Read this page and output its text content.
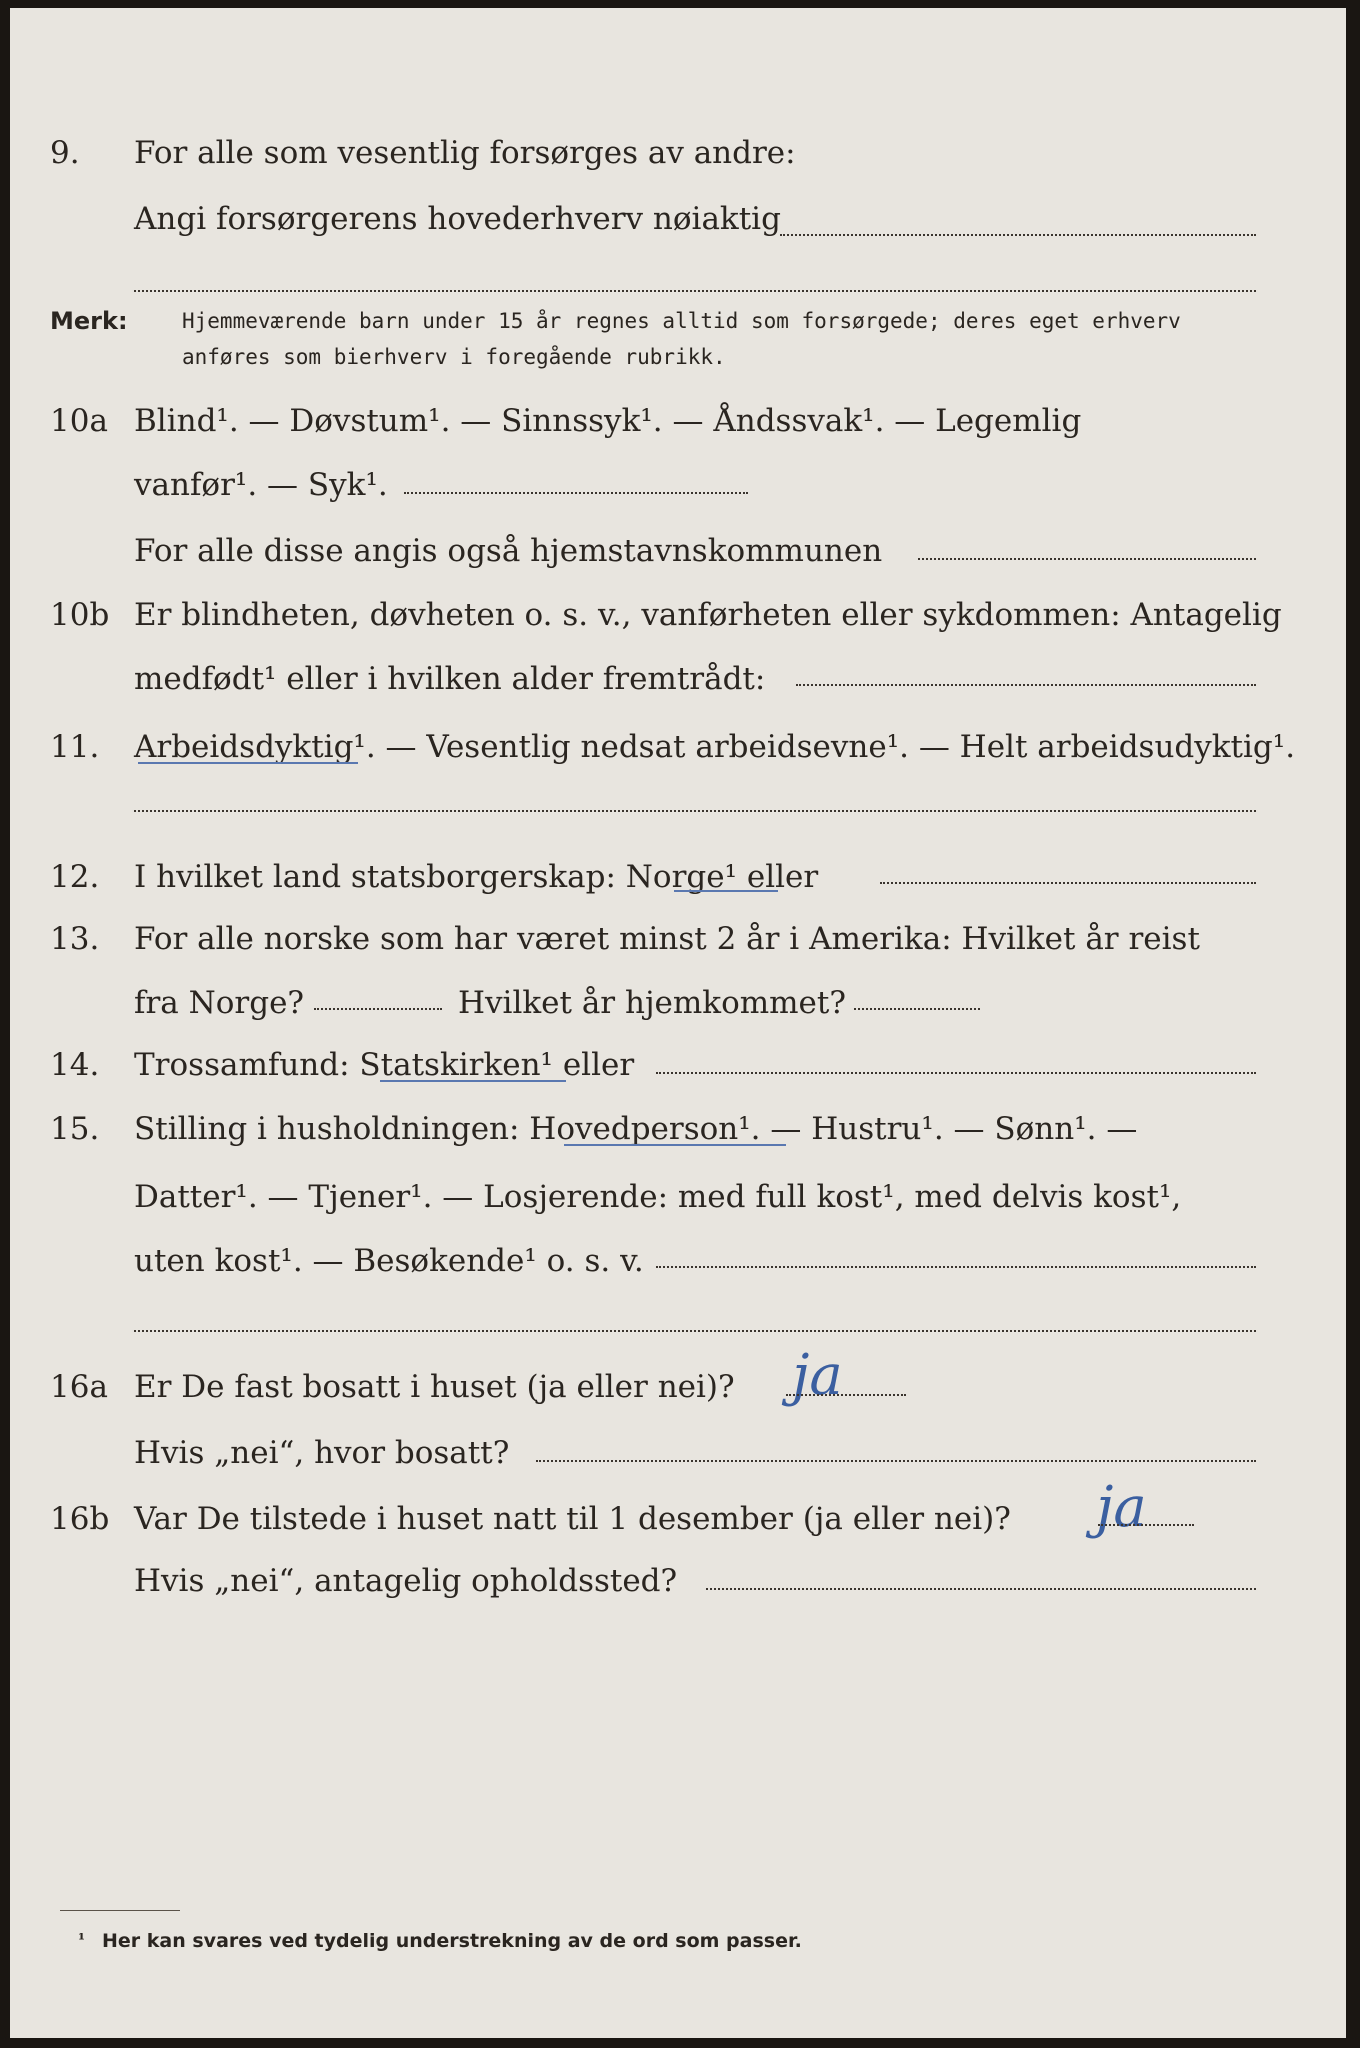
9.	For alle som vesentlig forsørges av andre:
Angi forsørgerens hovederhverv nøiaktig
Merk:	Hjemmeværende barn under 15 år regnes alltid som forsørgede; deres eget erhverv
anføres som bierhverv i foregående rubrikk.
10a Blind¹. — Døvstum¹. — Sinnssyk¹. — Åndssvak¹. — Legemlig
vanfør¹. — Syk¹.
For alle disse angis også hjemstavnskommunen
10b Er blindheten, døvheten o. s. v., vanførheten eller sykdommen: Antagelig
medfødt¹ eller i hvilken alder fremtrådt:
11.	Arbeidsdyktig¹. — Vesentlig nedsat arbeidsevne¹. — Helt arbeidsudyktig¹.
12.	I hvilket land statsborgerskap: Norge¹ eller
13.	For alle norske som har været minst 2 år i Amerika: Hvilket år reist
fra Norge?	Hvilket år hjemkommet?
14.	Trossamfund: Statskirken¹ eller
15.	Stilling i husholdningen: Hovedperson¹. — Hustru¹. — Sønn¹. —
Datter¹. — Tjener¹. — Losjerende: med full kost¹, med delvis kost¹,
uten kost¹. — Besøkende¹ o. s. v.
16a Er De fast bosatt i huset (ja eller nei)? ja
Hvis „nei“, hvor bosatt?
16b Var De tilstede i huset natt til 1 desember (ja eller nei)? ja
Hvis „nei“, antagelig opholdssted?
¹ Her kan svares ved tydelig understrekning av de ord som passer.
